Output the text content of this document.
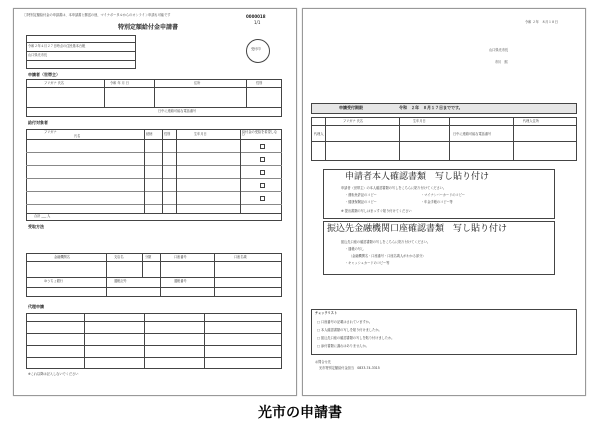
〇特別定額給付金の申請書は、本申請書と郵送の他、マイナポータルからのオンライン申請も可能です	0000018
1/1
特別定額給付金申請書
令和２年４月２７日時点の住民基本台帳
山口県光市長
受付印
申請者（世帯主）
フリガナ 氏名	令和 年 月 日	住所	性別
日中に連絡可能な電話番号
給付対象者
フリガナ
氏名	続柄	性別	生年月日	給付金の受給を希望しない
合計 ___ 人
受取方法
金融機関名	支店名	分類	口座番号	口座名義
ゆうちょ銀行	通帳記号	通帳番号
代理申請
※これ以降は記入しないでください
令和 ２年　８月１８日
山口県光市長
市川　熙
申請受付期限	令和　２年　８月１７日までです。
代理人
フリガナ 氏名	生年月日	代理人住所
日中に連絡可能な電話番号
申請者本人確認書類　写し貼り付け
申請者（世帯主）の本人確認書類の写しをこちらに貼り付けてください。
・運転免許証のコピー	・マイナンバーカードのコピー
・健康保険証のコピー	・年金手帳のコピー等
※ 提出書類の写しはまっすぐ貼り付けてください
振込先金融機関口座確認書類　写し貼り付け
振込先口座の確認書類の写しをこちらに貼り付けてください。
・通帳の写し
（金融機関名・口座番号・口座名義人がわかる部分）
・キャッシュカードのコピー等
チェックリスト
□ 口座番号の記載はされていますか。
□ 本人確認書類の写しを貼り付けましたか。
□ 振込先口座の確認書類の写しを貼り付けましたか。
□ 添付書類に漏れはありませんか。
お問合せ先
光市特別定額給付金担当　0833-74-3315
光市の申請書
